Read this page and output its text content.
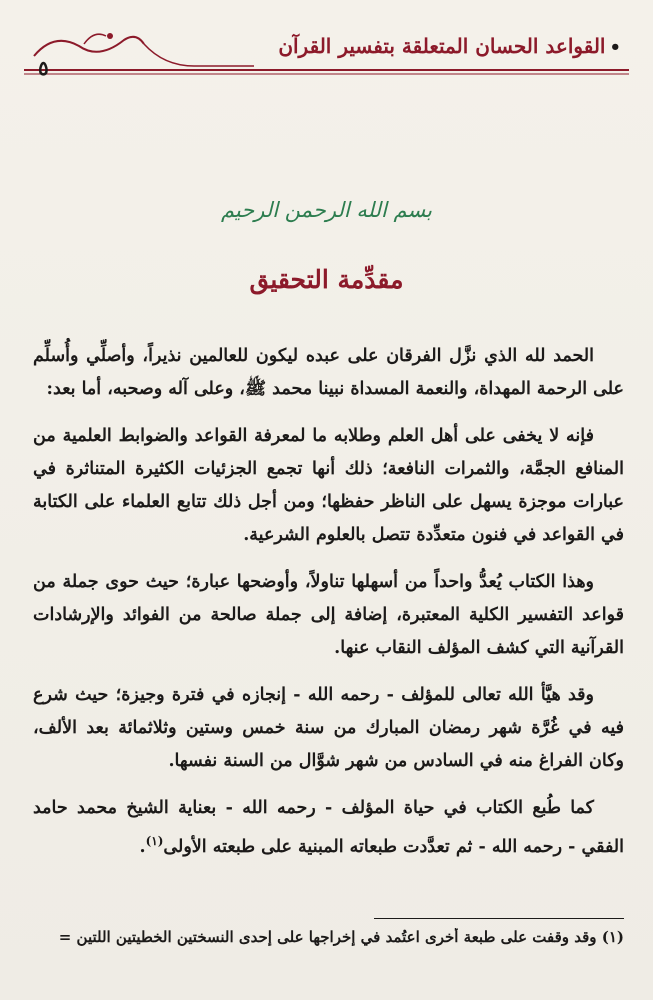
•القواعد الحسان المتعلقة بتفسير القرآن
٥
بسم الله الرحمن الرحيم
مقدِّمة التحقيق

الحمد لله الذي نزَّل الفرقان على عبده ليكون للعالمين نذيراً، وأصلِّي وأُسلِّم على الرحمة المهداة، والنعمة المسداة نبينا محمد ﷺ، وعلى آله وصحبه، أما بعد:

فإنه لا يخفى على أهل العلم وطلابه ما لمعرفة القواعد والضوابط العلمية من المنافع الجمَّة، والثمرات النافعة؛ ذلك أنها تجمع الجزئيات الكثيرة المتناثرة في عبارات موجزة يسهل على الناظر حفظها؛ ومن أجل ذلك تتابع العلماء على الكتابة في القواعد في فنون متعدِّدة تتصل بالعلوم الشرعية.

وهذا الكتاب يُعدُّ واحداً من أسهلها تناولاً، وأوضحها عبارة؛ حيث حوى جملة من قواعد التفسير الكلية المعتبرة، إضافة إلى جملة صالحة من الفوائد والإرشادات القرآنية التي كشف المؤلف النقاب عنها.

وقد هيَّأ الله تعالى للمؤلف - رحمه الله - إنجازه في فترة وجيزة؛ حيث شرع فيه في غُرَّة شهر رمضان المبارك من سنة خمس وستين وثلاثمائة بعد الألف، وكان الفراغ منه في السادس من شهر شوَّال من السنة نفسها.

كما طُبع الكتاب في حياة المؤلف - رحمه الله - بعناية الشيخ محمد حامد الفقي - رحمه الله - ثم تعدَّدت طبعاته المبنية على طبعته الأولى$^{(١)}$.

(١) وقد وقفت على طبعة أُخرى اعتُمد في إخراجها على إحدى النسختين الخطيتين اللتين =
